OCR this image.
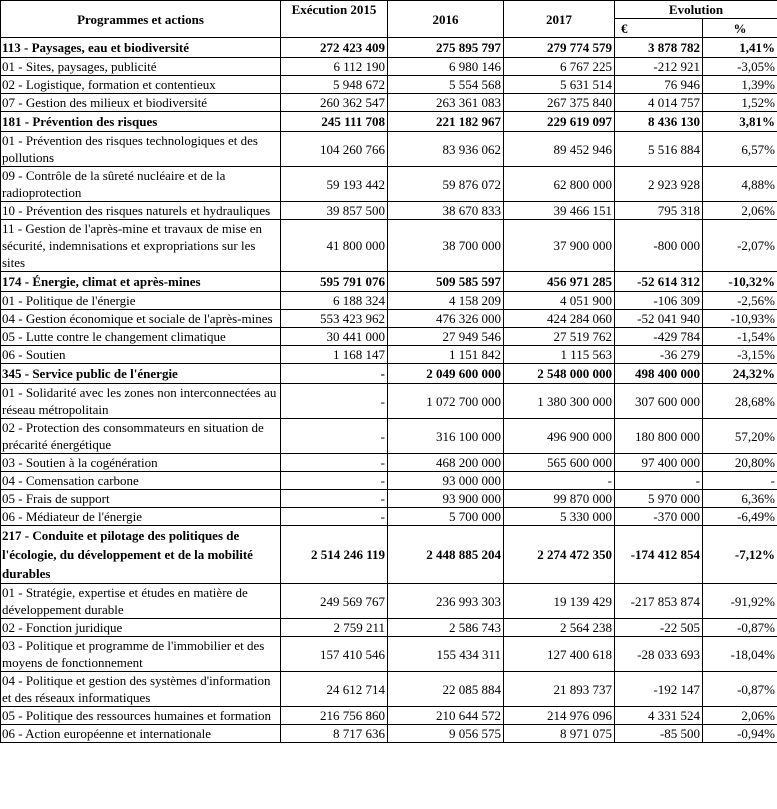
Programmes et actions	Exécution 2015	2016	2017	Evolution	
				€	%
113 - Paysages, eau et biodiversité	272 423 409	275 895 797	279 774 579	3 878 782	1,41%
01 - Sites, paysages, publicité	6 112 190	6 980 146	6 767 225	-212 921	-3,05%
02 - Logistique, formation et contentieux	5 948 672	5 554 568	5 631 514	76 946	1,39%
07 - Gestion des milieux et biodiversité	260 362 547	263 361 083	267 375 840	4 014 757	1,52%
181 - Prévention des risques	245 111 708	221 182 967	229 619 097	8 436 130	3,81%
01 - Prévention des risques technologiques et des pollutions	104 260 766	83 936 062	89 452 946	5 516 884	6,57%
09 - Contrôle de la sûreté nucléaire et de la radioprotection	59 193 442	59 876 072	62 800 000	2 923 928	4,88%
10 - Prévention des risques naturels et hydrauliques	39 857 500	38 670 833	39 466 151	795 318	2,06%
11 - Gestion de l'après-mine et travaux de mise en sécurité, indemnisations et expropriations sur les sites	41 800 000	38 700 000	37 900 000	-800 000	-2,07%
174 - Énergie, climat et après-mines	595 791 076	509 585 597	456 971 285	-52 614 312	-10,32%
01 - Politique de l'énergie	6 188 324	4 158 209	4 051 900	-106 309	-2,56%
04 - Gestion économique et sociale de l'après-mines	553 423 962	476 326 000	424 284 060	-52 041 940	-10,93%
05 - Lutte contre le changement climatique	30 441 000	27 949 546	27 519 762	-429 784	-1,54%
06 - Soutien	1 168 147	1 151 842	1 115 563	-36 279	-3,15%
345 - Service public de l'énergie	-	2 049 600 000	2 548 000 000	498 400 000	24,32%
01 - Solidarité avec les zones non interconnectées au réseau métropolitain	-	1 072 700 000	1 380 300 000	307 600 000	28,68%
02 - Protection des consommateurs en situation de précarité énergétique	-	316 100 000	496 900 000	180 800 000	57,20%
03 - Soutien à la cogénération	-	468 200 000	565 600 000	97 400 000	20,80%
04 - Comensation carbone	-	93 000 000	-	-	-
05 - Frais de support	-	93 900 000	99 870 000	5 970 000	6,36%
06 - Médiateur de l'énergie	-	5 700 000	5 330 000	-370 000	-6,49%
217 - Conduite et pilotage des politiques de l'écologie, du développement et de la mobilité durables	2 514 246 119	2 448 885 204	2 274 472 350	-174 412 854	-7,12%
01 - Stratégie, expertise et études en matière de développement durable	249 569 767	236 993 303	19 139 429	-217 853 874	-91,92%
02 - Fonction juridique	2 759 211	2 586 743	2 564 238	-22 505	-0,87%
03 - Politique et programme de l'immobilier et des moyens de fonctionnement	157 410 546	155 434 311	127 400 618	-28 033 693	-18,04%
04 - Politique et gestion des systèmes d'information et des réseaux informatiques	24 612 714	22 085 884	21 893 737	-192 147	-0,87%
05 - Politique des ressources humaines et formation	216 756 860	210 644 572	214 976 096	4 331 524	2,06%
06 - Action européenne et internationale	8 717 636	9 056 575	8 971 075	-85 500	-0,94%
